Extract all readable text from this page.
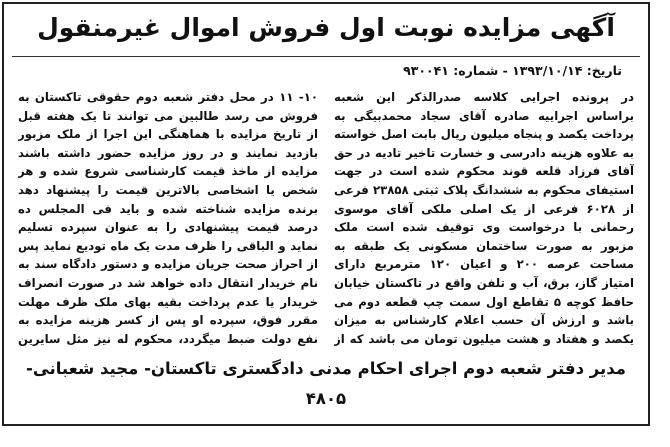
آگهی مزایده نوبت اول فروش اموال غیرمنقول
تاریخ: ۱۳۹۳/۱۰/۱۴ - شماره: ۹۳۰۰۴۱
در پرونده اجرایی کلاسه صدرالذکر این شعبه براساس اجراییه صادره آقای سجاد محمدبیگی به پرداخت یکصد و پنجاه میلیون ریال بابت اصل خواسته به علاوه هزینه دادرسی و خسارت تاخیر تادیه در حق آقای فرزاد قلعه قوند محکوم شده است در جهت استیفای محکوم به ششدانگ پلاک ثبتی ۲۳۸۵۸ فرعی از ۶۰۲۸ فرعی از یک اصلی ملکی آقای موسوی رحمانی با درخواست وی توقیف شده است ملک مزبور به صورت ساختمان مسکونی یک طبقه به مساحت عرصه ۲۰۰ و اعیان ۱۲۰ مترمربع دارای امتیاز گاز، برق، آب و تلفن واقع در تاکستان خیابان حافظ کوچه ۵ تقاطع اول سمت چپ قطعه دوم می باشد و ارزش آن حسب اعلام کارشناس به میزان یکصد و هفتاد و هشت میلیون تومان می باشد که از
۱۰- ۱۱ در محل دفتر شعبه دوم حقوقی تاکستان به فروش می رسد طالبین می توانند تا یک هفته قبل از تاریخ مزایده با هماهنگی این اجرا از ملک مزبور بازدید نمایند و در روز مزایده حضور داشته باشند مزایده از ماخذ قیمت کارشناسی شروع شده و هر شخص یا اشخاصی بالاترین قیمت را پیشنهاد دهد برنده مزایده شناخته شده و باید فی المجلس ده درصد قیمت پیشنهادی را به عنوان سپرده تسلیم نماید و الباقی را ظرف مدت یک ماه تودیع نماید پس از احراز صحت جریان مزایده و دستور دادگاه سند به نام خریدار انتقال داده خواهد شد در صورت انصراف خریدار یا عدم پرداخت بقیه بهای ملک ظرف مهلت مقرر فوق، سپرده او پس از کسر هزینه مزایده به نفع دولت ضبط میگردد، محکوم له نیز مثل سایرین
مدیر دفتر شعبه دوم اجرای احکام مدنی دادگستری تاکستان- مجید شعبانی- ۴۸۰۵
